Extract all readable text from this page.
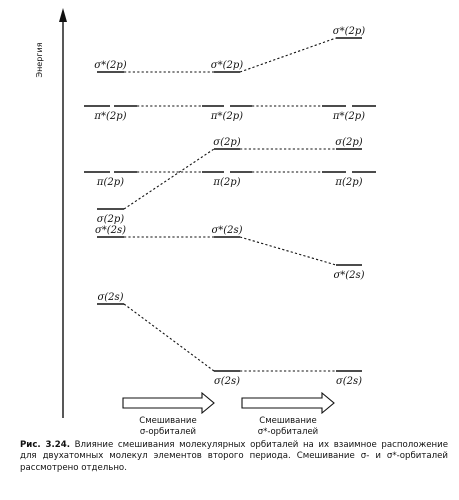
Энергия
σ(2s)
σ*(2s)
σ(2p)
π(2p)
π*(2p)
σ*(2p)
σ(2s)
σ*(2s)
π(2p)
σ(2p)
π*(2p)
σ*(2p)
σ(2s)
σ*(2s)
π(2p)
σ(2p)
π*(2p)
σ*(2p)
Смешивание
σ-орбиталей
Смешивание
σ*-орбиталей
Рис. 3.24. Влияние смешивания молекулярных орбиталей на их взаимное расположение для двухатомных молекул элементов второго периода. Смешивание σ- и σ*-орбиталей рассмотрено отдельно.
